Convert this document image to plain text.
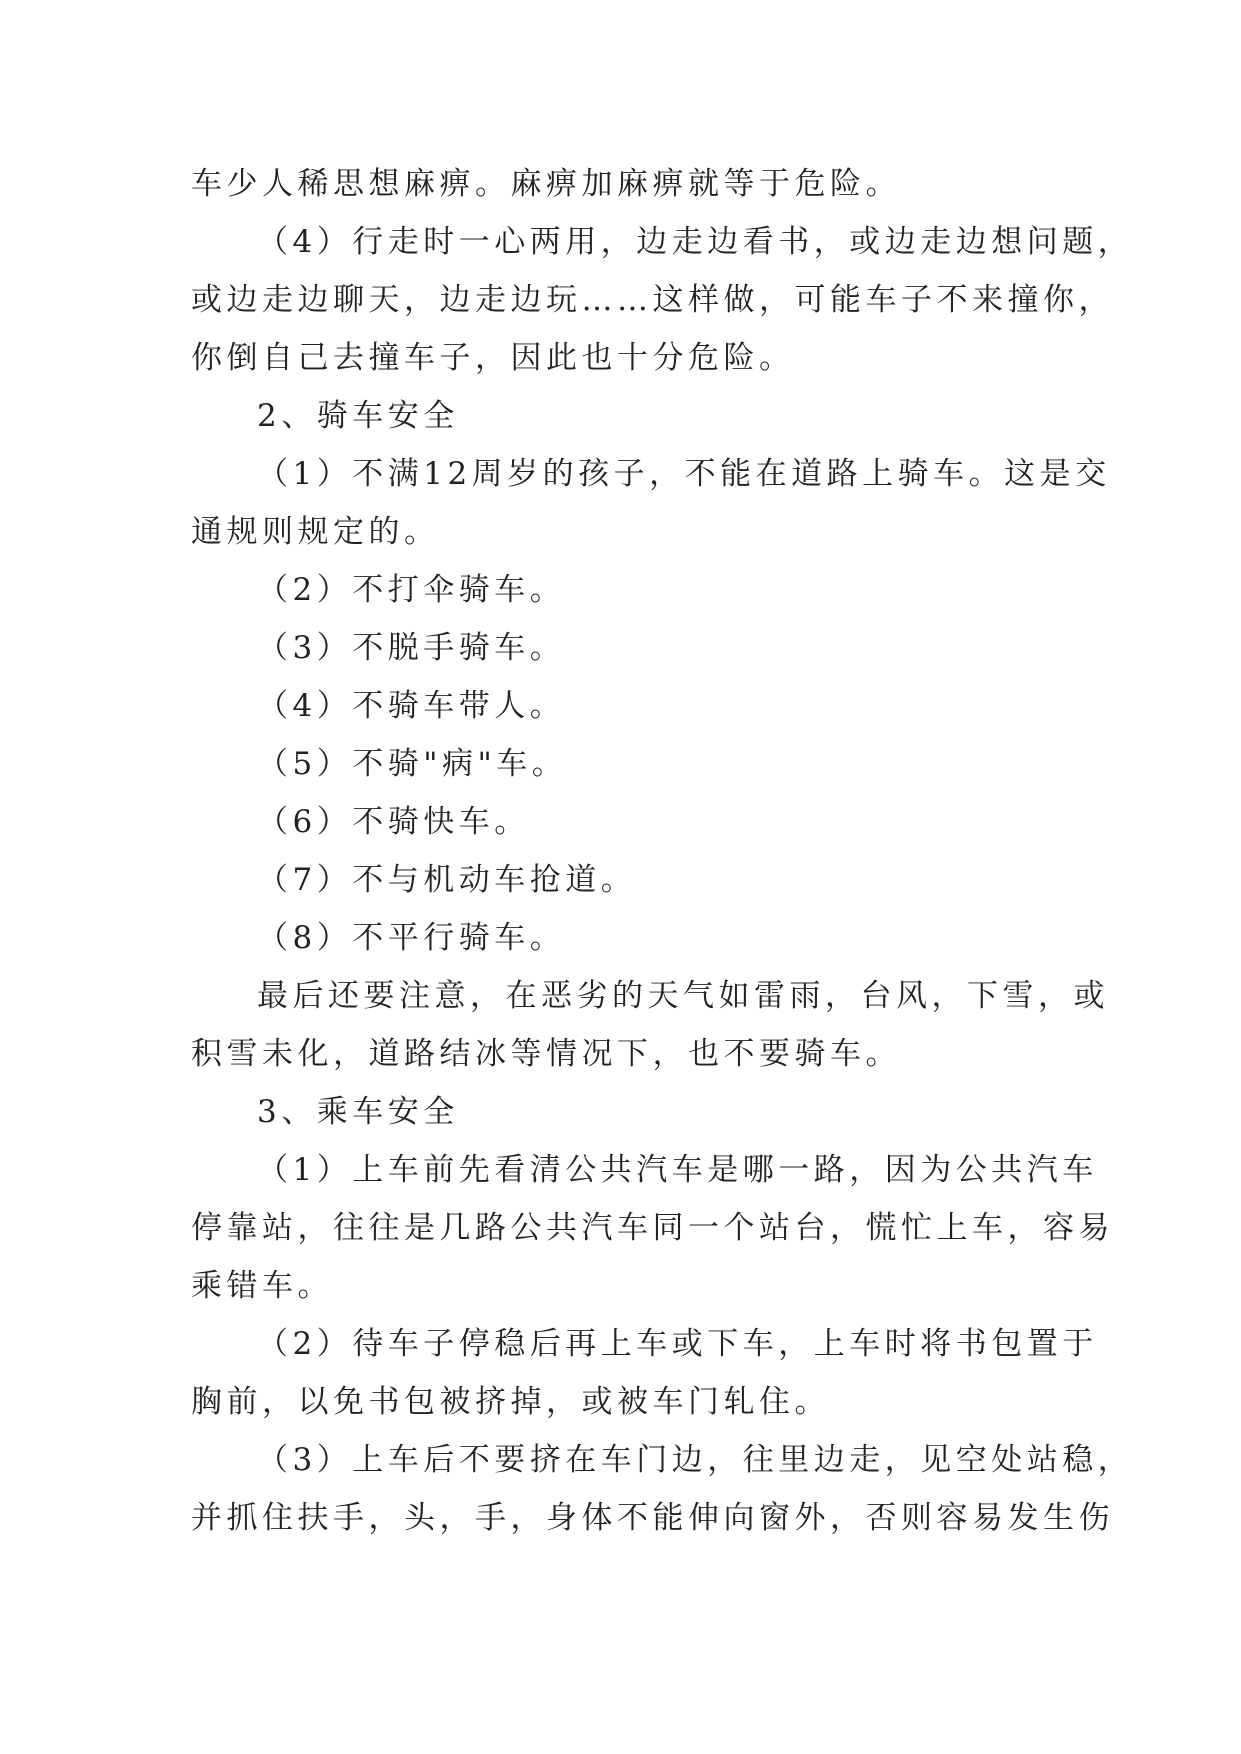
车少人稀思想麻痹。麻痹加麻痹就等于危险。
（4）行走时一心两用，边走边看书，或边走边想问题，
或边走边聊天，边走边玩……这样做，可能车子不来撞你，
你倒自己去撞车子，因此也十分危险。
2、骑车安全
（1）不满12周岁的孩子，不能在道路上骑车。这是交
通规则规定的。
（2）不打伞骑车。
（3）不脱手骑车。
（4）不骑车带人。
（5）不骑"病"车。
（6）不骑快车。
（7）不与机动车抢道。
（8）不平行骑车。
最后还要注意，在恶劣的天气如雷雨，台风，下雪，或
积雪未化，道路结冰等情况下，也不要骑车。
3、乘车安全
（1）上车前先看清公共汽车是哪一路，因为公共汽车
停靠站，往往是几路公共汽车同一个站台，慌忙上车，容易
乘错车。
（2）待车子停稳后再上车或下车，上车时将书包置于
胸前，以免书包被挤掉，或被车门轧住。
（3）上车后不要挤在车门边，往里边走，见空处站稳，
并抓住扶手，头，手，身体不能伸向窗外，否则容易发生伤
